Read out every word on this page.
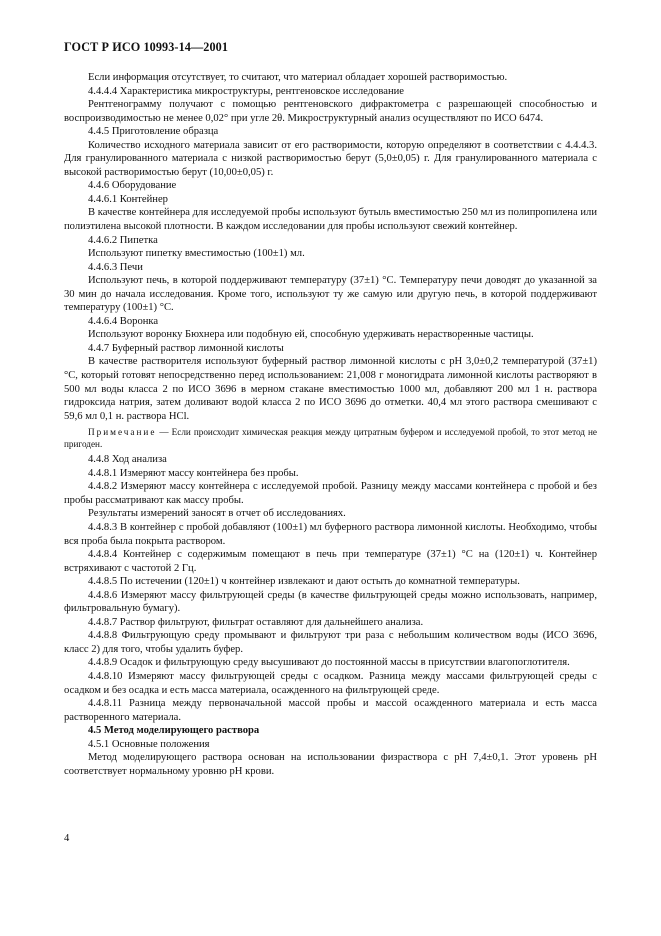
ГОСТ Р ИСО 10993-14—2001

Если информация отсутствует, то считают, что материал обладает хорошей растворимостью.

4.4.4.4 Характеристика микроструктуры, рентгеновское исследование

Рентгенограмму получают с помощью рентгеновского дифрактометра с разрешающей способностью и воспроизводимостью не менее 0,02° при угле 2θ. Микроструктурный анализ осуществляют по ИСО 6474.

4.4.5 Приготовление образца

Количество исходного материала зависит от его растворимости, которую определяют в соответствии с 4.4.4.3. Для гранулированного материала с низкой растворимостью берут (5,0±0,05) г. Для гранулированного материала с высокой растворимостью берут (10,00±0,05) г.

4.4.6 Оборудование

4.4.6.1 Контейнер

В качестве контейнера для исследуемой пробы используют бутыль вместимостью 250 мл из полипропилена или полиэтилена высокой плотности. В каждом исследовании для пробы используют свежий контейнер.

4.4.6.2 Пипетка

Используют пипетку вместимостью (100±1) мл.

4.4.6.3 Печи

Используют печь, в которой поддерживают температуру (37±1) °С. Температуру печи доводят до указанной за 30 мин до начала исследования. Кроме того, используют ту же самую или другую печь, в которой поддерживают температуру (100±1) °С.

4.4.6.4 Воронка

Используют воронку Бюхнера или подобную ей, способную удерживать нерастворенные частицы.

4.4.7 Буферный раствор лимонной кислоты

В качестве растворителя используют буферный раствор лимонной кислоты с рН 3,0±0,2 температурой (37±1) °С, который готовят непосредственно перед использованием: 21,008 г моногидрата лимонной кислоты растворяют в 500 мл воды класса 2 по ИСО 3696 в мерном стакане вместимостью 1000 мл, добавляют 200 мл 1 н. раствора гидроксида натрия, затем доливают водой класса 2 по ИСО 3696 до отметки. 40,4 мл этого раствора смешивают с 59,6 мл 0,1 н. раствора HCl.

Примечание — Если происходит химическая реакция между цитратным буфером и исследуемой пробой, то этот метод не пригоден.

4.4.8 Ход анализа

4.4.8.1 Измеряют массу контейнера без пробы.

4.4.8.2 Измеряют массу контейнера с исследуемой пробой. Разницу между массами контейнера с пробой и без пробы рассматривают как массу пробы.

Результаты измерений заносят в отчет об исследованиях.

4.4.8.3 В контейнер с пробой добавляют (100±1) мл буферного раствора лимонной кислоты. Необходимо, чтобы вся проба была покрыта раствором.

4.4.8.4 Контейнер с содержимым помещают в печь при температуре (37±1) °С на (120±1) ч. Контейнер встряхивают с частотой 2 Гц.

4.4.8.5 По истечении (120±1) ч контейнер извлекают и дают остыть до комнатной температуры.

4.4.8.6 Измеряют массу фильтрующей среды (в качестве фильтрующей среды можно использовать, например, фильтровальную бумагу).

4.4.8.7 Раствор фильтруют, фильтрат оставляют для дальнейшего анализа.

4.4.8.8 Фильтрующую среду промывают и фильтруют три раза с небольшим количеством воды (ИСО 3696, класс 2) для того, чтобы удалить буфер.

4.4.8.9 Осадок и фильтрующую среду высушивают до постоянной массы в присутствии влагопоглотителя.

4.4.8.10 Измеряют массу фильтрующей среды с осадком. Разница между массами фильтрующей среды с осадком и без осадка и есть масса материала, осажденного на фильтрующей среде.

4.4.8.11 Разница между первоначальной массой пробы и массой осажденного материала и есть масса растворенного материала.

4.5 Метод моделирующего раствора

4.5.1 Основные положения

Метод моделирующего раствора основан на использовании физраствора с рН 7,4±0,1. Этот уровень рН соответствует нормальному уровню рН крови.

4
